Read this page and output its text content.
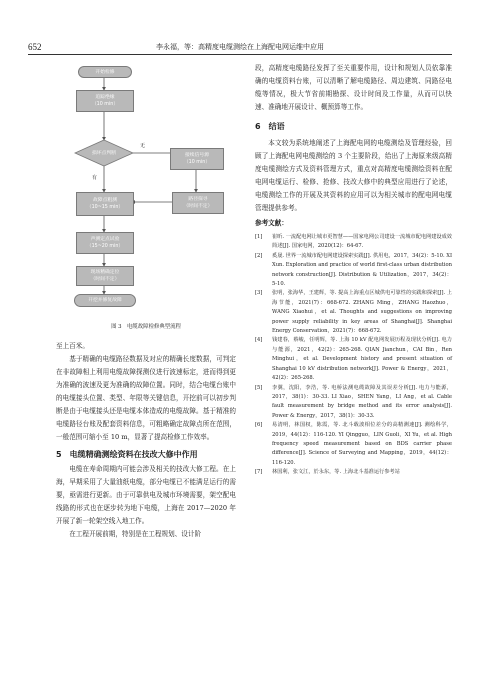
652	李永福，等：高精度电缆测绘在上海配电网运维中应用
开始检修
追踪绝缘
（10 min）
损坏点判断
无
有
接续信号源
（10 min）
路径探寻
（时间不定）
故障点粗测
（10~15 min）
声测定点试验
（15~20 min）
现场精确定位
（时间不定）
开挖并修复故障
图 3　电缆故障检修典型流程
至上百米。

基于精确的电缆路径数据及对应的精确长度数据，可判定在非故障相上利用电缆故障探测仪进行波速标定，进而得到更为准确的波速及更为准确的故障位置。同时，结合电缆台账中的电缆接头位置、类型、年限等关键信息，开挖前可以初步判断是由于电缆接头还是电缆本体造成的电缆故障。基于精准的电缆路径台账及配套资料信息，可粗略确定故障点所在范围，一般范围可缩小至 10 m，显著了提高检修工作效率。

5　电缆精确测绘资料在技改大修中作用

电缆在寿命周期内可能会涉及相关的技改大修工程。在上海，早期采用了大量油纸电缆，部分电缆已不能满足运行的需要，亟需进行更新。由于可靠供电及城市环境需要，架空配电线路的形式也在逐步转为地下电缆，上海在 2017—2020 年开展了新一轮架空线入地工作。

在工程开展前期，特别是在工程规划、设计阶

段，高精度电缆路径发挥了至关重要作用，设计和规划人员依靠准确的电缆资料台账，可以清晰了解电缆路径、周边建筑、同路径电缆等情况，极大节省前期勘探、设计时间及工作量，从而可以快速、准确地开展设计、概预算等工作。

6　结语

本文较为系统地阐述了上海配电网的电缆测绘及管理经验，回顾了上海配电网电缆测绘的 3 个主要阶段，给出了上海原来级高精度电缆测绘方式及资料管理方式，重点对高精度电缆测绘资料在配电网电缆运行、检修、抢修、技改大修中的典型应用进行了论述，电缆测绘工作的开展及其资料的应用可以为相关城市的配电网电缆管理提供参考。

参考文献：
[1] 崔昕. 一流配电网让城市更智慧——国家电网公司建设一流城市配电网建设成效简述[J]. 国家电网，2020(12)：64-67.
[2] 奚晟. 世界一流城市配电网建设探索实践[J]. 供用电，2017，34(2)：5-10. XI Xun. Exploration and practice of world first-class urban distribution network construction[J]. Distribution & Utilization，2017，34(2)：5-10.
[3] 张明，张海华，王建辉，等. 提高上海重点区城供电可靠性的实践和探索[J]. 上海节能，2021(7)：668-672. ZHANG Ming，ZHANG Haozhuo，WANG Xiaohui，et al. Thoughts and suggestions on improving power supply reliability in key areas of Shanghai[J]. Shanghai Energy Conservation，2021(7)：668-672.
[4] 钱建春，蔡峻，任明辉，等. 上海 10 kV 配电网发展历程及现状分析[J]. 电力与能源，2021，42(2)：265-268. QIAN Jianchun，CAI Bin，Ren Minghui，et al. Development history and present situation of Shanghai 10 kV distribution network[J]. Power & Energy，2021，42(2)：265-268.
[5] 李翼，沈阳，李浩，等. 电桥法测电缆故障及其误差分析[J]. 电力与能源，2017，38(1)：30-33. LI Xiao，SHEN Yang，LI Ang，et al. Cable fault measurement by bridge method and its error analysis[J]. Power & Energy，2017，38(1)：30-33.
[6] 易清明，林国权，陈霞，等. 北斗载波相位差分的高精测速[J]. 测绘科学，2019，44(12)：116-120. YI Qingguo，LIN Guoli，XI Yu，et al. High frequency speed measurement based on BDS carrier phase difference[J]. Science of Surveying and Mapping，2019，44(12)：116-120.
[7] 林国利，张文江，於永东，等. 上海北斗基准运行参考站
